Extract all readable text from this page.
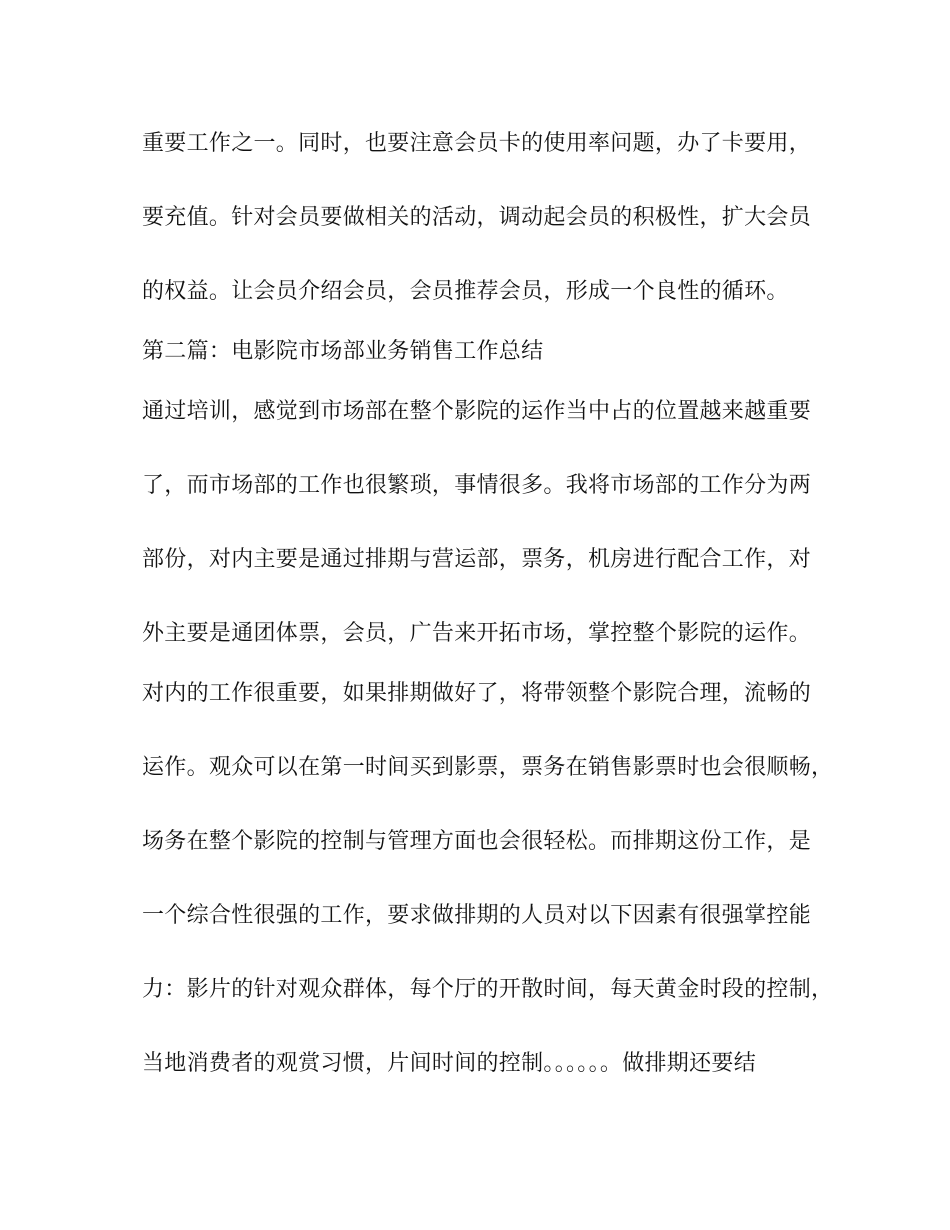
重要工作之一。同时，也要注意会员卡的使用率问题，办了卡要用，
要充值。针对会员要做相关的活动，调动起会员的积极性，扩大会员
的权益。让会员介绍会员，会员推荐会员，形成一个良性的循环。
第二篇：电影院市场部业务销售工作总结
通过培训，感觉到市场部在整个影院的运作当中占的位置越来越重要
了，而市场部的工作也很繁琐，事情很多。我将市场部的工作分为两
部份，对内主要是通过排期与营运部，票务，机房进行配合工作，对
外主要是通团体票，会员，广告来开拓市场，掌控整个影院的运作。
对内的工作很重要，如果排期做好了，将带领整个影院合理，流畅的
运作。观众可以在第一时间买到影票，票务在销售影票时也会很顺畅，
场务在整个影院的控制与管理方面也会很轻松。而排期这份工作，是
一个综合性很强的工作，要求做排期的人员对以下因素有很强掌控能
力：影片的针对观众群体，每个厅的开散时间，每天黄金时段的控制，
当地消费者的观赏习惯，片间时间的控制。。。。。。做排期还要结
